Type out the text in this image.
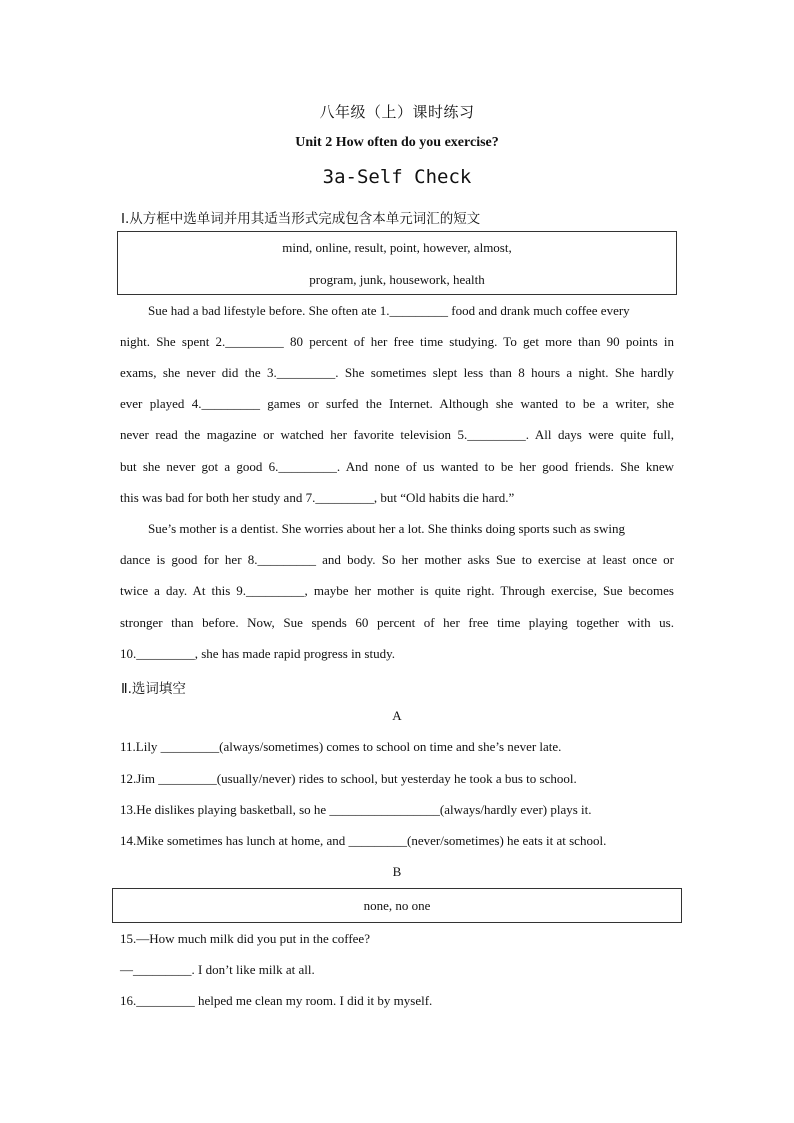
八年级（上）课时练习
Unit 2 How often do you exercise?
3a-Self Check
Ⅰ.从方框中选单词并用其适当形式完成包含本单元词汇的短文
mind, online, result, point, however, almost,
program, junk, housework, health
Sue had a bad lifestyle before. She often ate 1._________ food and drank much coffee every
night. She spent 2._________ 80 percent of her free time studying. To get more than 90 points in
exams, she never did the 3._________. She sometimes slept less than 8 hours a night. She hardly
ever played 4._________ games or surfed the Internet. Although she wanted to be a writer, she
never read the magazine or watched her favorite television 5._________. All days were quite full,
but she never got a good 6._________. And none of us wanted to be her good friends. She knew
this was bad for both her study and 7._________, but “Old habits die hard.”
Sue’s mother is a dentist. She worries about her a lot. She thinks doing sports such as swing
dance is good for her 8._________ and body. So her mother asks Sue to exercise at least once or
twice a day. At this 9._________, maybe her mother is quite right. Through exercise, Sue becomes
stronger than before. Now, Sue spends 60 percent of her free time playing together with us.
10._________, she has made rapid progress in study.
Ⅱ.选词填空
A
11.Lily _________(always/sometimes) comes to school on time and she’s never late.
12.Jim _________(usually/never) rides to school, but yesterday he took a bus to school.
13.He dislikes playing basketball, so he _________________(always/hardly ever) plays it.
14.Mike sometimes has lunch at home, and _________(never/sometimes) he eats it at school.
B
none, no one
15.—How much milk did you put in the coffee?
—_________. I don’t like milk at all.
16._________ helped me clean my room. I did it by myself.
